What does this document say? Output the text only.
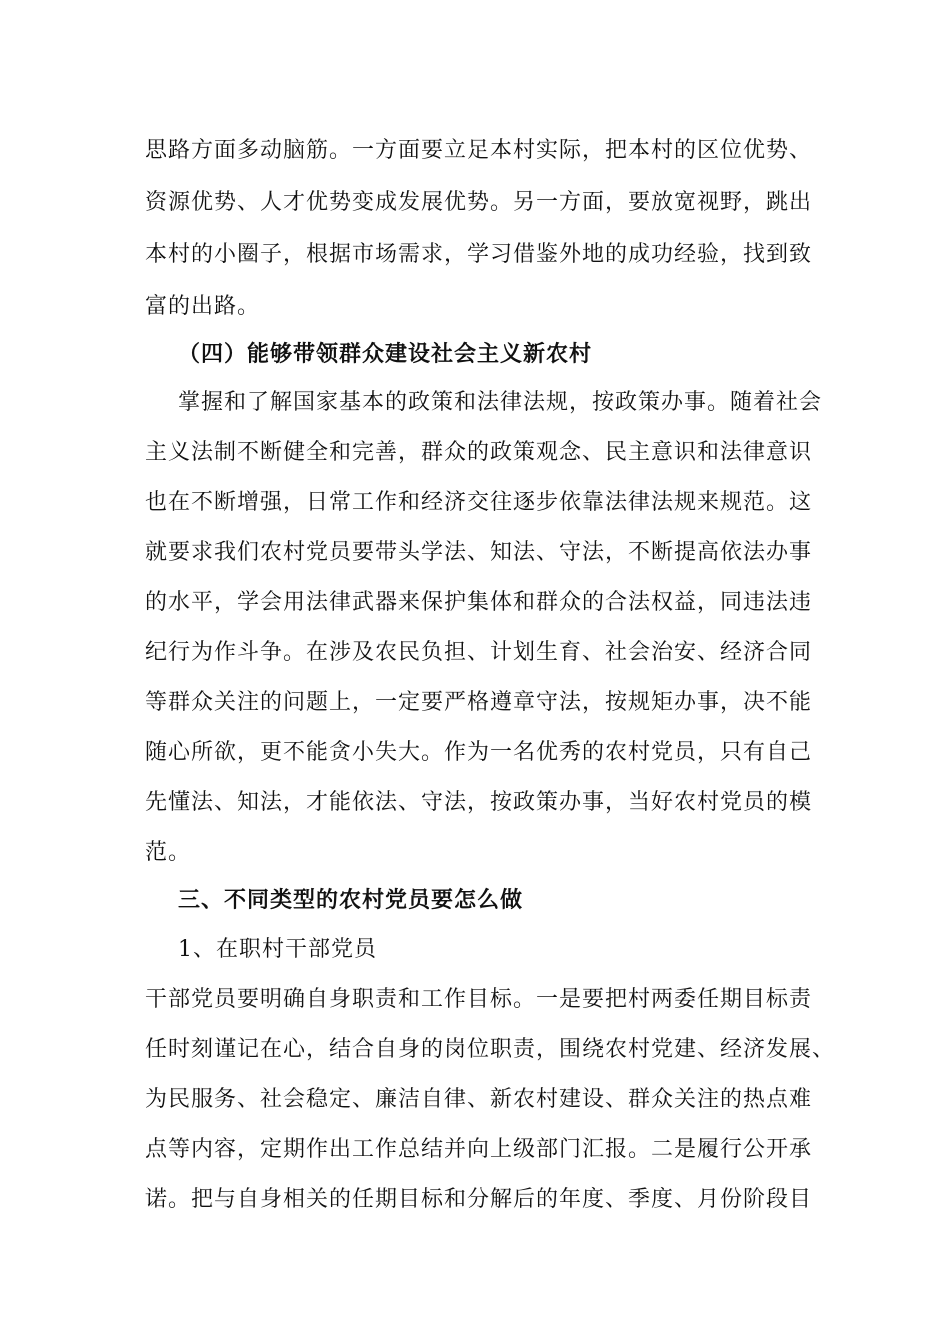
思路方面多动脑筋。一方面要立足本村实际，把本村的区位优势、
资源优势、人才优势变成发展优势。另一方面，要放宽视野，跳出
本村的小圈子，根据市场需求，学习借鉴外地的成功经验，找到致
富的出路。
（四）能够带领群众建设社会主义新农村
掌握和了解国家基本的政策和法律法规，按政策办事。随着社会
主义法制不断健全和完善，群众的政策观念、民主意识和法律意识
也在不断增强，日常工作和经济交往逐步依靠法律法规来规范。这
就要求我们农村党员要带头学法、知法、守法，不断提高依法办事
的水平，学会用法律武器来保护集体和群众的合法权益，同违法违
纪行为作斗争。在涉及农民负担、计划生育、社会治安、经济合同
等群众关注的问题上，一定要严格遵章守法，按规矩办事，决不能
随心所欲，更不能贪小失大。作为一名优秀的农村党员，只有自己
先懂法、知法，才能依法、守法，按政策办事，当好农村党员的模
范。
三、不同类型的农村党员要怎么做
1、在职村干部党员
干部党员要明确自身职责和工作目标。一是要把村两委任期目标责
任时刻谨记在心，结合自身的岗位职责，围绕农村党建、经济发展、
为民服务、社会稳定、廉洁自律、新农村建设、群众关注的热点难
点等内容，定期作出工作总结并向上级部门汇报。二是履行公开承
诺。把与自身相关的任期目标和分解后的年度、季度、月份阶段目
